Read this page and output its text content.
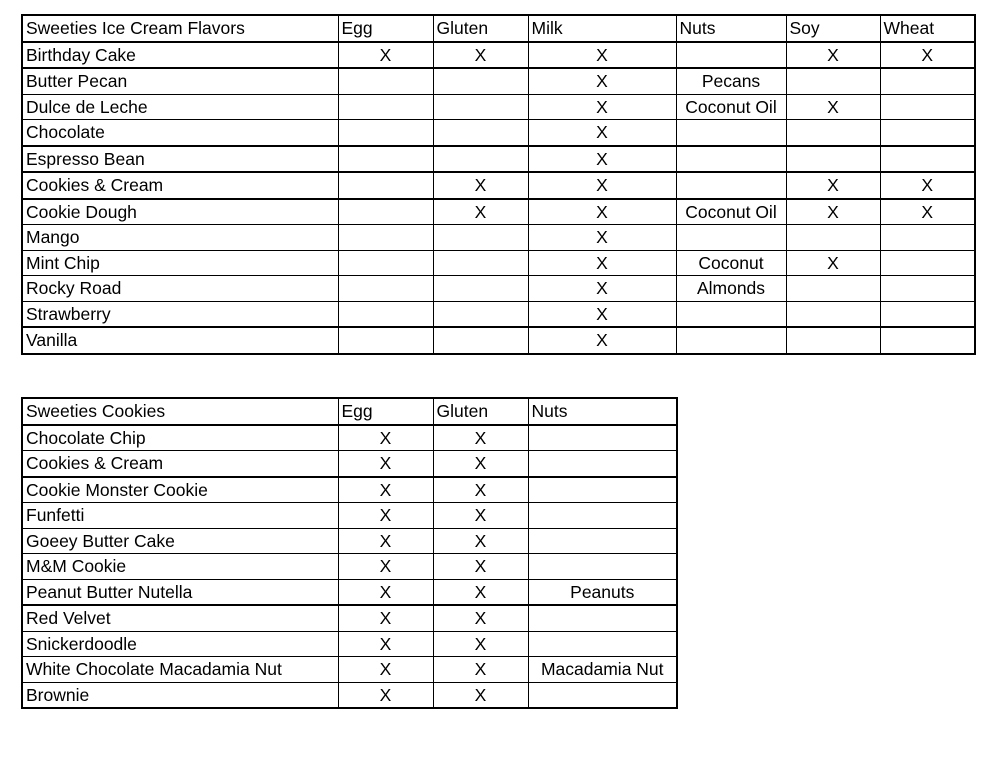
Sweeties Ice Cream Flavors	Egg	Gluten	Milk	Nuts	Soy	Wheat
Birthday Cake	X	X	X		X	X
Butter Pecan			X	Pecans		
Dulce de Leche			X	Coconut Oil	X	
Chocolate			X			
Espresso Bean			X			
Cookies & Cream		X	X		X	X
Cookie Dough		X	X	Coconut Oil	X	X
Mango			X			
Mint Chip			X	Coconut	X	
Rocky Road			X	Almonds		
Strawberry			X			
Vanilla			X			
Sweeties Cookies	Egg	Gluten	Nuts
Chocolate Chip	X	X	
Cookies & Cream	X	X	
Cookie Monster Cookie	X	X	
Funfetti	X	X	
Goeey Butter Cake	X	X	
M&M Cookie	X	X	
Peanut Butter Nutella	X	X	Peanuts
Red Velvet	X	X	
Snickerdoodle	X	X	
White Chocolate Macadamia Nut	X	X	Macadamia Nut
Brownie	X	X	
